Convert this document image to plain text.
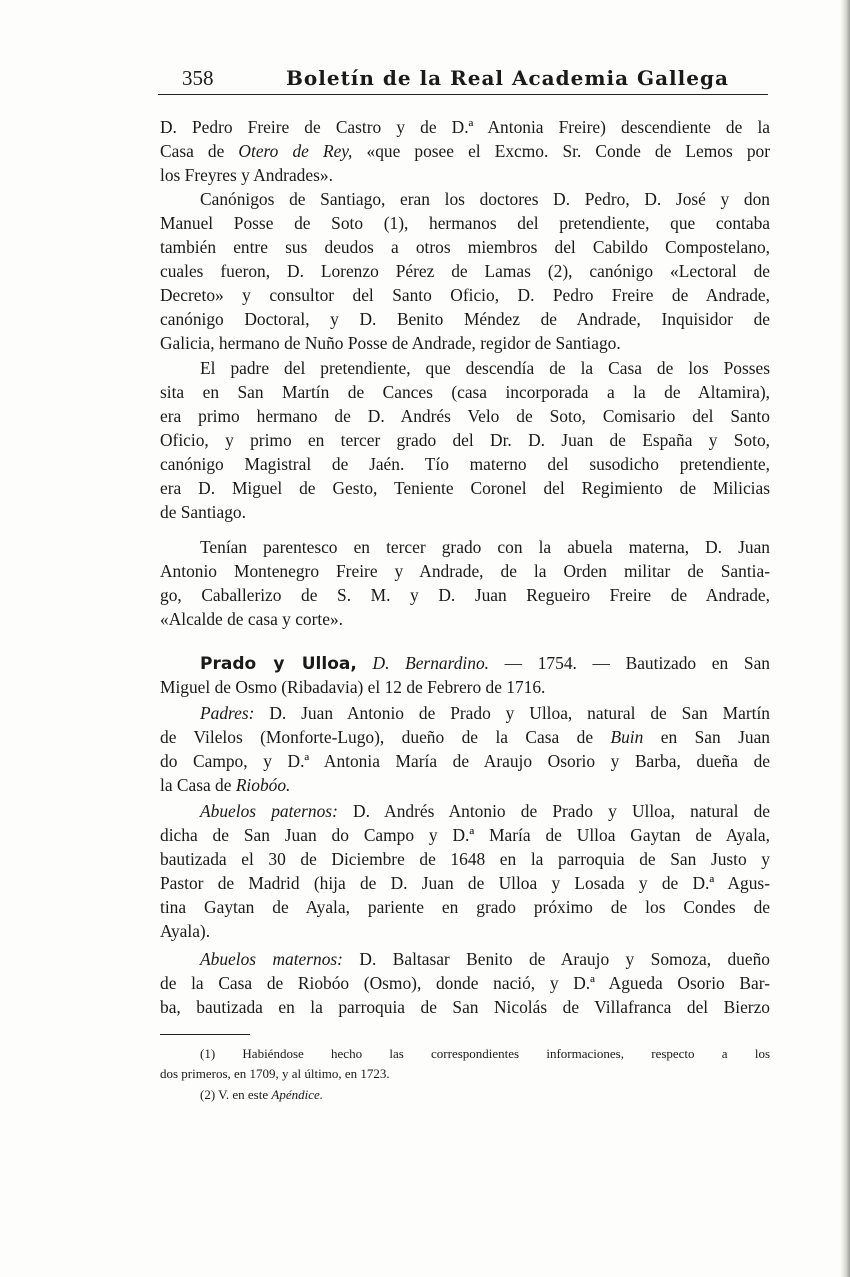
358	Boletín de la Real Academia Gallega
D. Pedro Freire de Castro y de D.ª Antonia Freire) descendiente de la
Casa de Otero de Rey, «que posee el Excmo. Sr. Conde de Lemos por
los Freyres y Andrades».
Canónigos de Santiago, eran los doctores D. Pedro, D. José y don
Manuel Posse de Soto (1), hermanos del pretendiente, que contaba
también entre sus deudos a otros miembros del Cabildo Compostelano,
cuales fueron, D. Lorenzo Pérez de Lamas (2), canónigo «Lectoral de
Decreto» y consultor del Santo Oficio, D. Pedro Freire de Andrade,
canónigo Doctoral, y D. Benito Méndez de Andrade, Inquisidor de
Galicia, hermano de Nuño Posse de Andrade, regidor de Santiago.
El padre del pretendiente, que descendía de la Casa de los Posses
sita en San Martín de Cances (casa incorporada a la de Altamira),
era primo hermano de D. Andrés Velo de Soto, Comisario del Santo
Oficio, y primo en tercer grado del Dr. D. Juan de España y Soto,
canónigo Magistral de Jaén. Tío materno del susodicho pretendiente,
era D. Miguel de Gesto, Teniente Coronel del Regimiento de Milicias
de Santiago.
Tenían parentesco en tercer grado con la abuela materna, D. Juan
Antonio Montenegro Freire y Andrade, de la Orden militar de Santia-
go, Caballerizo de S. M. y D. Juan Regueiro Freire de Andrade,
«Alcalde de casa y corte».
Prado y Ulloa, D. Bernardino. — 1754. — Bautizado en San
Miguel de Osmo (Ribadavia) el 12 de Febrero de 1716.
Padres: D. Juan Antonio de Prado y Ulloa, natural de San Martín
de Vilelos (Monforte-Lugo), dueño de la Casa de Buin en San Juan
do Campo, y D.ª Antonia María de Araujo Osorio y Barba, dueña de
la Casa de Riobóo.
Abuelos paternos: D. Andrés Antonio de Prado y Ulloa, natural de
dicha de San Juan do Campo y D.ª María de Ulloa Gaytan de Ayala,
bautizada el 30 de Diciembre de 1648 en la parroquia de San Justo y
Pastor de Madrid (hija de D. Juan de Ulloa y Losada y de D.ª Agus-
tina Gaytan de Ayala, pariente en grado próximo de los Condes de
Ayala).
Abuelos maternos: D. Baltasar Benito de Araujo y Somoza, dueño
de la Casa de Riobóo (Osmo), donde nació, y D.ª Agueda Osorio Bar-
ba, bautizada en la parroquia de San Nicolás de Villafranca del Bierzo
(1) Habiéndose hecho las correspondientes informaciones, respecto a los
dos primeros, en 1709, y al último, en 1723.
(2) V. en este Apéndice.
